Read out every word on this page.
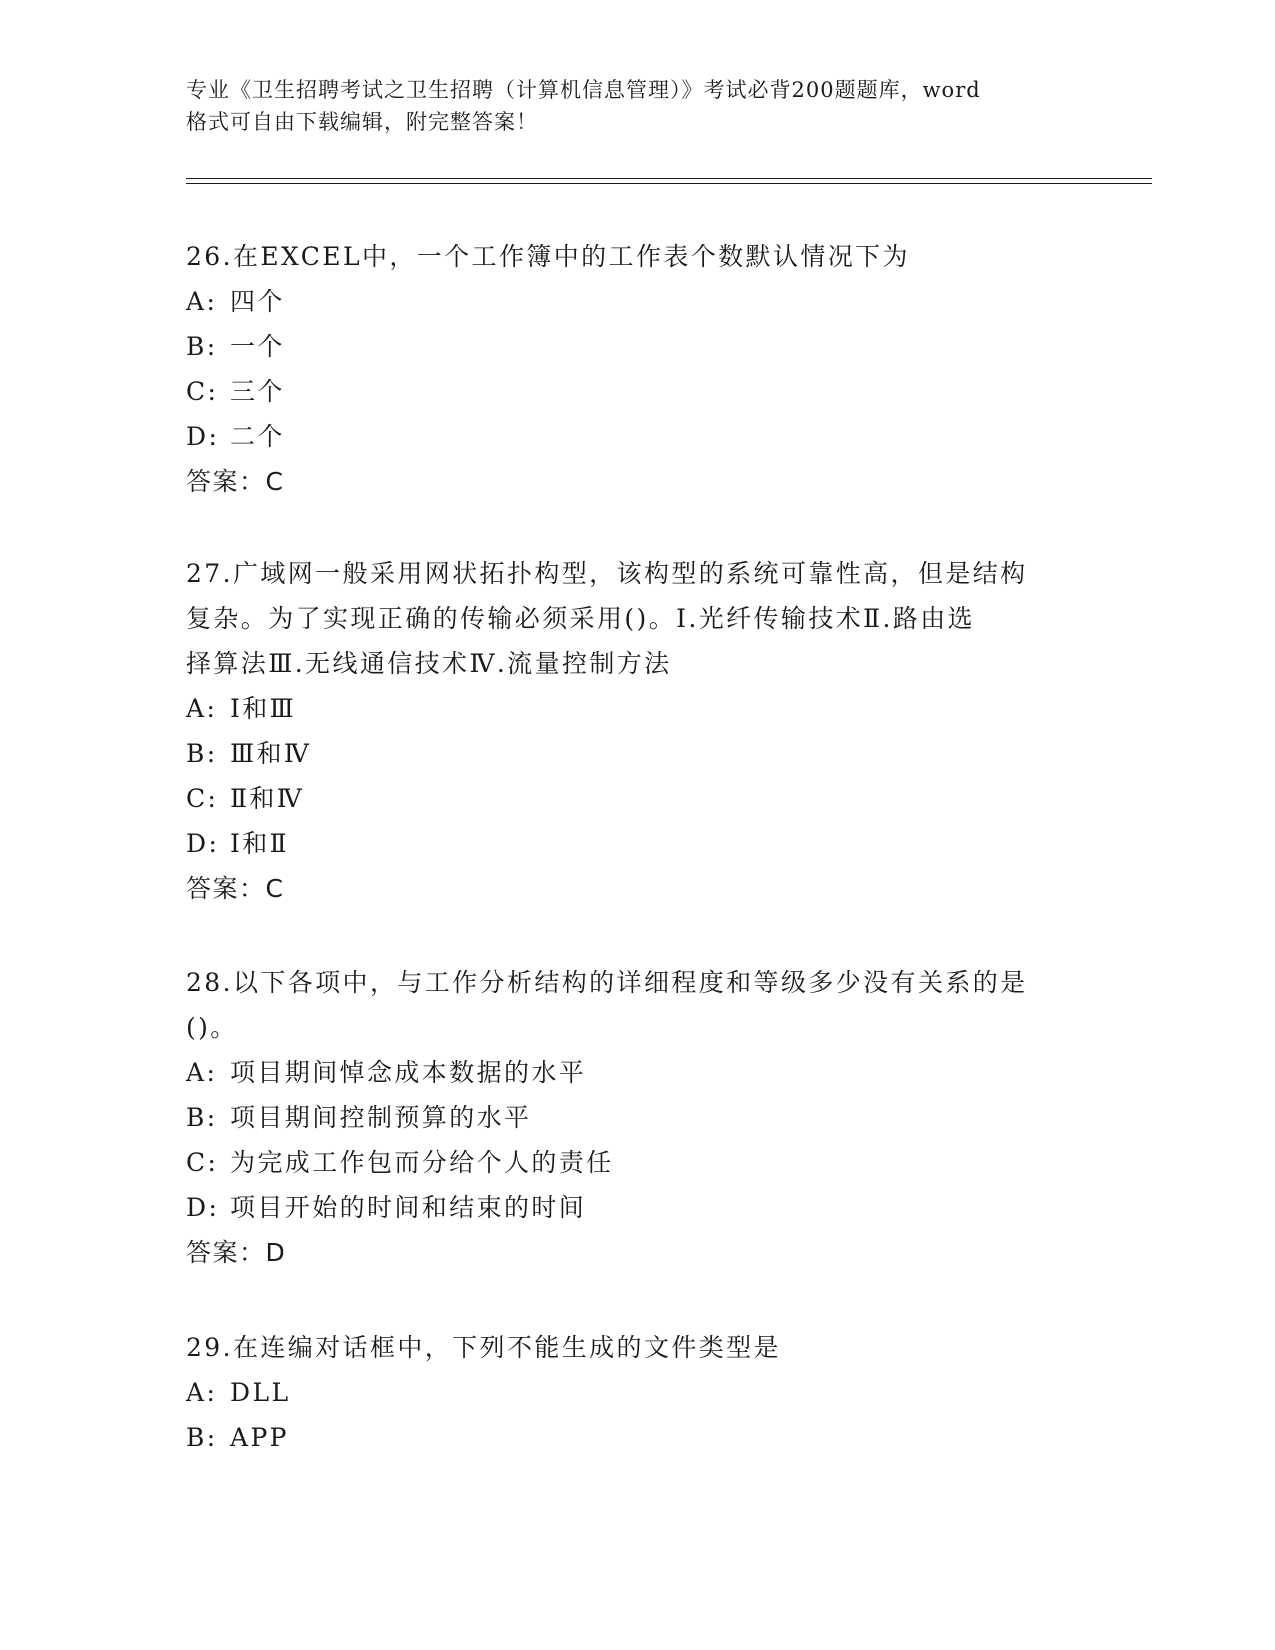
专业《卫生招聘考试之卫生招聘（计算机信息管理）》考试必背200题题库，word
格式可自由下载编辑，附完整答案！
26.在EXCEL中，一个工作簿中的工作表个数默认情况下为
A: 四个
B: 一个
C: 三个
D: 二个
答案：C
27.广域网一般采用网状拓扑构型，该构型的系统可靠性高，但是结构
复杂。为了实现正确的传输必须采用()。Ⅰ.光纤传输技术Ⅱ.路由选
择算法Ⅲ.无线通信技术Ⅳ.流量控制方法
A: Ⅰ和Ⅲ
B: Ⅲ和Ⅳ
C: Ⅱ和Ⅳ
D: Ⅰ和Ⅱ
答案：C
28.以下各项中，与工作分析结构的详细程度和等级多少没有关系的是
()。
A: 项目期间悼念成本数据的水平
B: 项目期间控制预算的水平
C: 为完成工作包而分给个人的责任
D: 项目开始的时间和结束的时间
答案：D
29.在连编对话框中，下列不能生成的文件类型是
A: DLL
B: APP
